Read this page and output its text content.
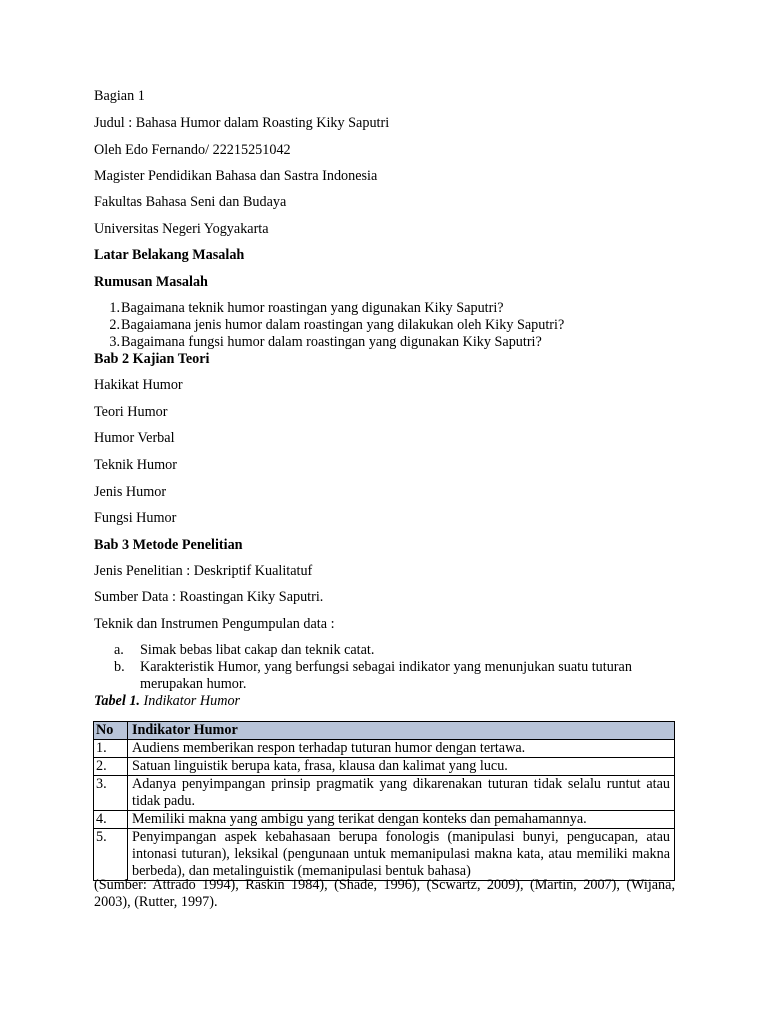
Bagian 1
Judul : Bahasa Humor dalam Roasting Kiky Saputri
Oleh Edo Fernando/ 22215251042
Magister Pendidikan Bahasa dan Sastra Indonesia
Fakultas Bahasa Seni dan Budaya
Universitas Negeri Yogyakarta
Latar Belakang Masalah
Rumusan Masalah
1. Bagaimana teknik humor roastingan yang digunakan Kiky Saputri?
2. Bagaiamana jenis humor dalam roastingan yang dilakukan oleh Kiky Saputri?
3. Bagaimana fungsi humor dalam roastingan yang digunakan Kiky Saputri?
Bab 2 Kajian Teori
Hakikat Humor
Teori Humor
Humor Verbal
Teknik Humor
Jenis Humor
Fungsi Humor
Bab 3 Metode Penelitian
Jenis Penelitian : Deskriptif Kualitatuf
Sumber Data : Roastingan Kiky Saputri.
Teknik dan Instrumen Pengumpulan data :
a. Simak bebas libat cakap dan teknik catat.
b. Karakteristik Humor, yang berfungsi sebagai indikator yang menunjukan suatu tuturan merupakan humor.
Tabel 1. Indikator Humor
No	Indikator Humor
1.	Audiens memberikan respon terhadap tuturan humor dengan tertawa.
2.	Satuan linguistik berupa kata, frasa, klausa dan kalimat yang lucu.
3.	Adanya penyimpangan prinsip pragmatik yang dikarenakan tuturan tidak selalu runtut atau tidak padu.
4.	Memiliki makna yang ambigu yang terikat dengan konteks dan pemahamannya.
5.	Penyimpangan aspek kebahasaan berupa fonologis (manipulasi bunyi, pengucapan, atau intonasi tuturan), leksikal (pengunaan untuk memanipulasi makna kata, atau memiliki makna berbeda), dan metalinguistik (memanipulasi bentuk bahasa)
(Sumber: Attrado 1994), Raskin 1984), (Shade, 1996), (Scwartz, 2009), (Martin, 2007), (Wijana, 2003), (Rutter, 1997).
